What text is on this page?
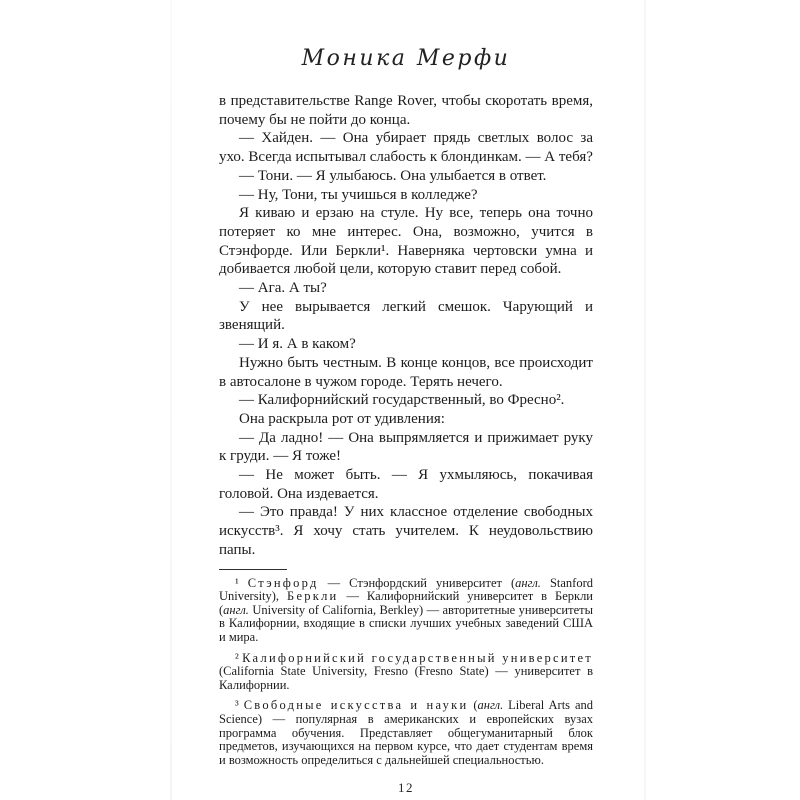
Моника Мерфи

в представительстве Range Rover, чтобы скоротать время, почему бы не пойти до конца.

— Хайден. — Она убирает прядь светлых волос за ухо. Всегда испытывал слабость к блондинкам. — А тебя?

— Тони. — Я улыбаюсь. Она улыбается в ответ.

— Ну, Тони, ты учишься в колледже?

Я киваю и ерзаю на стуле. Ну все, теперь она точно потеряет ко мне интерес. Она, возможно, учится в Стэнфорде. Или Беркли¹. Наверняка чертовски умна и добивается любой цели, которую ставит перед собой.

— Ага. А ты?

У нее вырывается легкий смешок. Чарующий и звенящий.

— И я. А в каком?

Нужно быть честным. В конце концов, все происходит в автосалоне в чужом городе. Терять нечего.

— Калифорнийский государственный, во Фресно².

Она раскрыла рот от удивления:

— Да ладно! — Она выпрямляется и прижимает руку к груди. — Я тоже!

— Не может быть. — Я ухмыляюсь, покачивая головой. Она издевается.

— Это правда! У них классное отделение свободных искусств³. Я хочу стать учителем. К неудовольствию папы.

¹ Стэнфорд — Стэнфордский университет (англ. Stanford University), Беркли — Калифорнийский университет в Беркли (англ. University of California, Berkley) — авторитетные университеты в Калифорнии, входящие в списки лучших учебных заведений США и мира.

² Калифорнийский государственный университет (California State University, Fresno (Fresno State) — университет в Калифорнии.

³ Свободные искусства и науки (англ. Liberal Arts and Science) — популярная в американских и европейских вузах программа обучения. Представляет общегуманитарный блок предметов, изучающихся на первом курсе, что дает студентам время и возможность определиться с дальнейшей специальностью.

12
